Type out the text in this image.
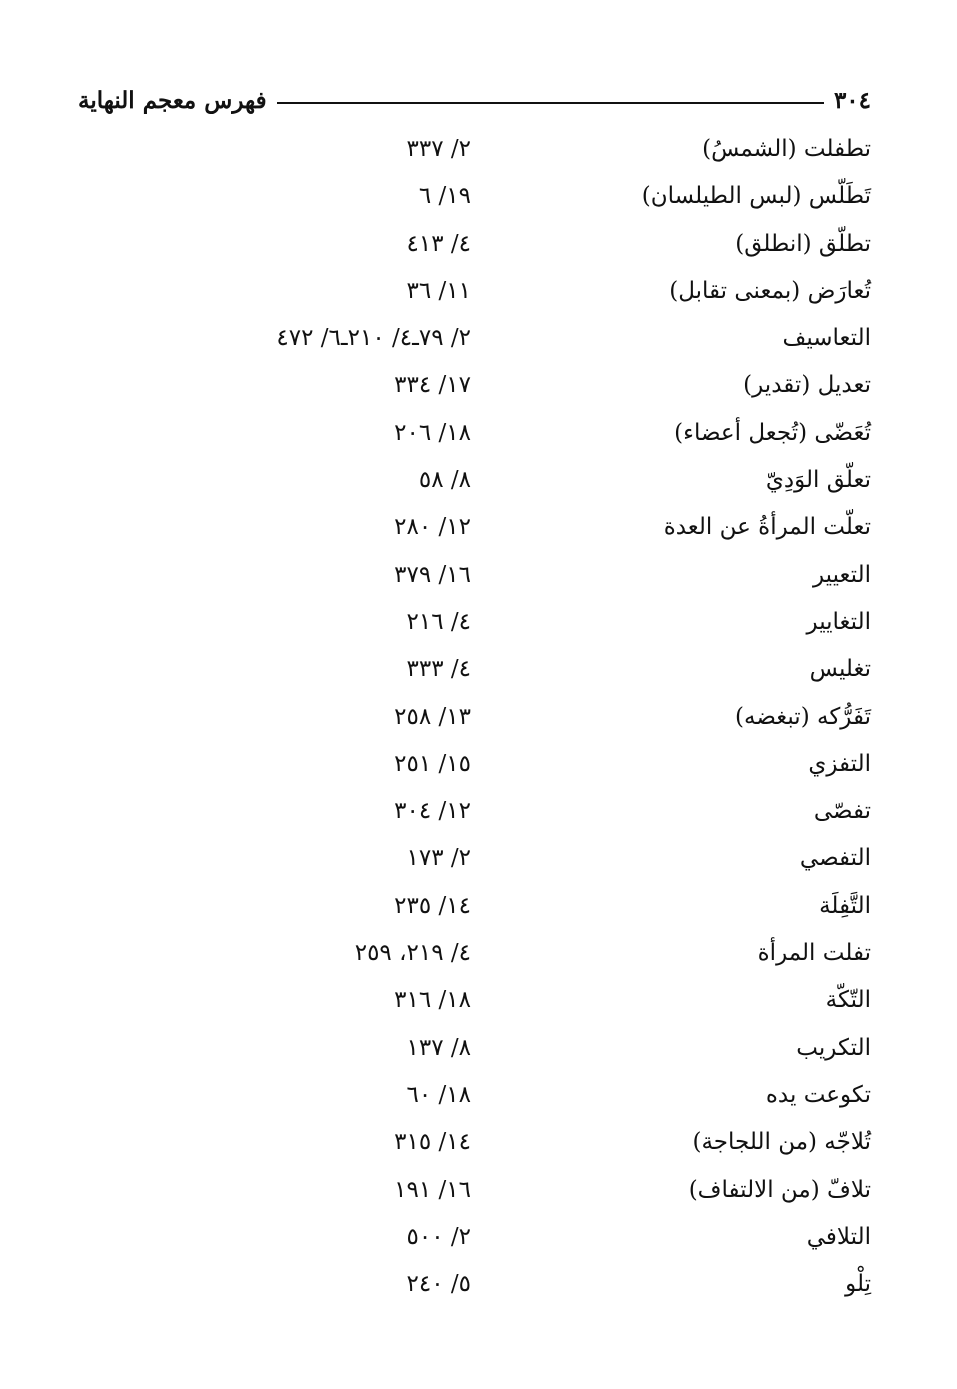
فهرس معجم النهاية	٣٠٤
تطفلت (الشمسُ)
٢/ ٣٣٧
تَطَلّس (لبس الطيلسان)
١٩/ ٦
تطلّق (انطلق)
٤/ ٤١٣
تُعارَض (بمعنى تقابل)
١١/ ٣٦
التعاسيف
٢/ ٧٩ـ٤/ ٢١٠ـ٦/ ٤٧٢
تعديل (تقدير)
١٧/ ٣٣٤
تُعَضّى (تُجعل أعضاء)
١٨/ ٢٠٦
تعلّق الوَدِيّ
٨/ ٥٨
تعلّت المرأةُ عن العدة
١٢/ ٢٨٠
التعيير
١٦/ ٣٧٩
التغايير
٤/ ٢١٦
تغليس
٤/ ٣٣٣
تَفَرُّكه (تبغضه)
١٣/ ٢٥٨
التفزي
١٥/ ٢٥١
تفصّى
١٢/ ٣٠٤
التفصي
٢/ ١٧٣
التَّفِلَة
١٤/ ٢٣٥
تفلت المرأة
٤/ ٢١٩، ٢٥٩
التّكّة
١٨/ ٣١٦
التكريب
٨/ ١٣٧
تكوعت يده
١٨/ ٦٠
تُلاجّه (من اللجاجة)
١٤/ ٣١٥
تلافّ (من الالتفاف)
١٦/ ١٩١
التلافي
٢/ ٥٠٠
تِلْو
٥/ ٢٤٠
